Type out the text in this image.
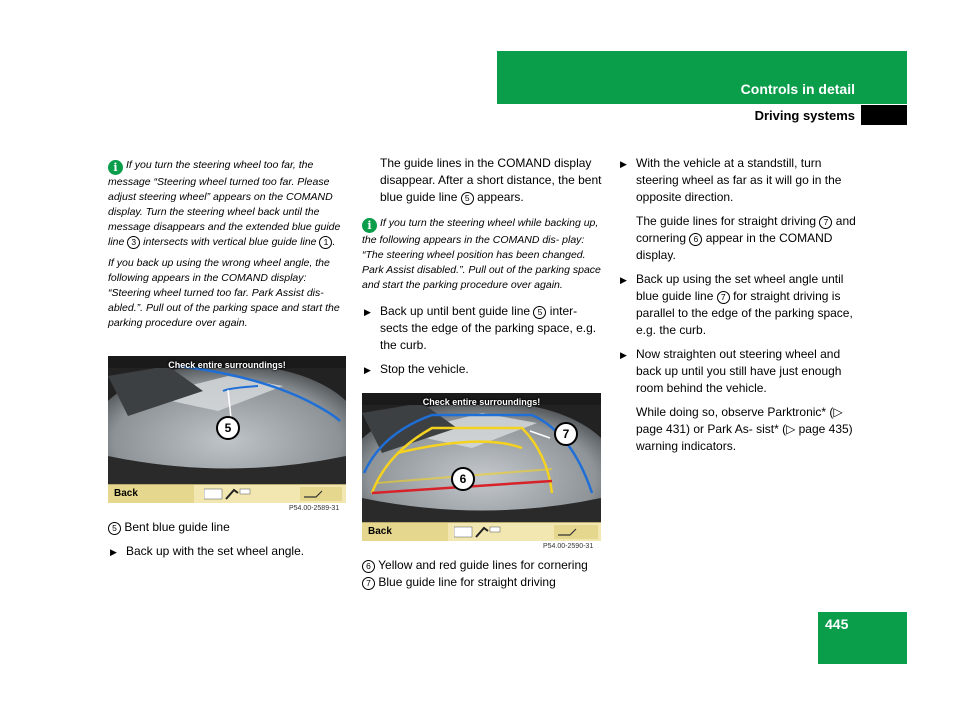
Controls in detail
Driving systems

i If you turn the steering wheel too far, the message “Steering wheel turned too far. Please adjust steering wheel” appears on the COMAND display. Turn the steering wheel back until the message disappears and the extended blue guide line 3 intersects with vertical blue guide line 1 .

If you back up using the wrong wheel angle, the following appears in the COMAND display: “Steering wheel turned too far. Park Assist dis- abled.”. Pull out of the parking space and start the parking procedure over again.

Check entire surroundings!
5
Back
P54.00-2589-31

5 Bent blue guide line

▶ Back up with the set wheel angle.

The guide lines in the COMAND display disappear. After a short distance, the bent blue guide line 5 appears.

i If you turn the steering wheel while backing up, the following appears in the COMAND dis- play: “The steering wheel position has been changed. Park Assist disabled.”. Pull out of the parking space and start the parking procedure over again.

▶ Back up until bent guide line 5 inter- sects the edge of the parking space, e.g. the curb.
▶ Stop the vehicle.
Check entire surroundings!
7
6
Back
P54.00-2590-31

6 Yellow and red guide lines for cornering

7 Blue guide line for straight driving

▶ With the vehicle at a standstill, turn steering wheel as far as it will go in the opposite direction.

The guide lines for straight driving 7 and cornering 6 appear in the COMAND display.

▶ Back up using the set wheel angle until blue guide line 7 for straight driving is parallel to the edge of the parking space, e.g. the curb.
▶ Now straighten out steering wheel and back up until you still have just enough room behind the vehicle.

While doing so, observe Parktronic* (▷ page 431) or Park As- sist* (▷ page 435) warning indicators.

445
